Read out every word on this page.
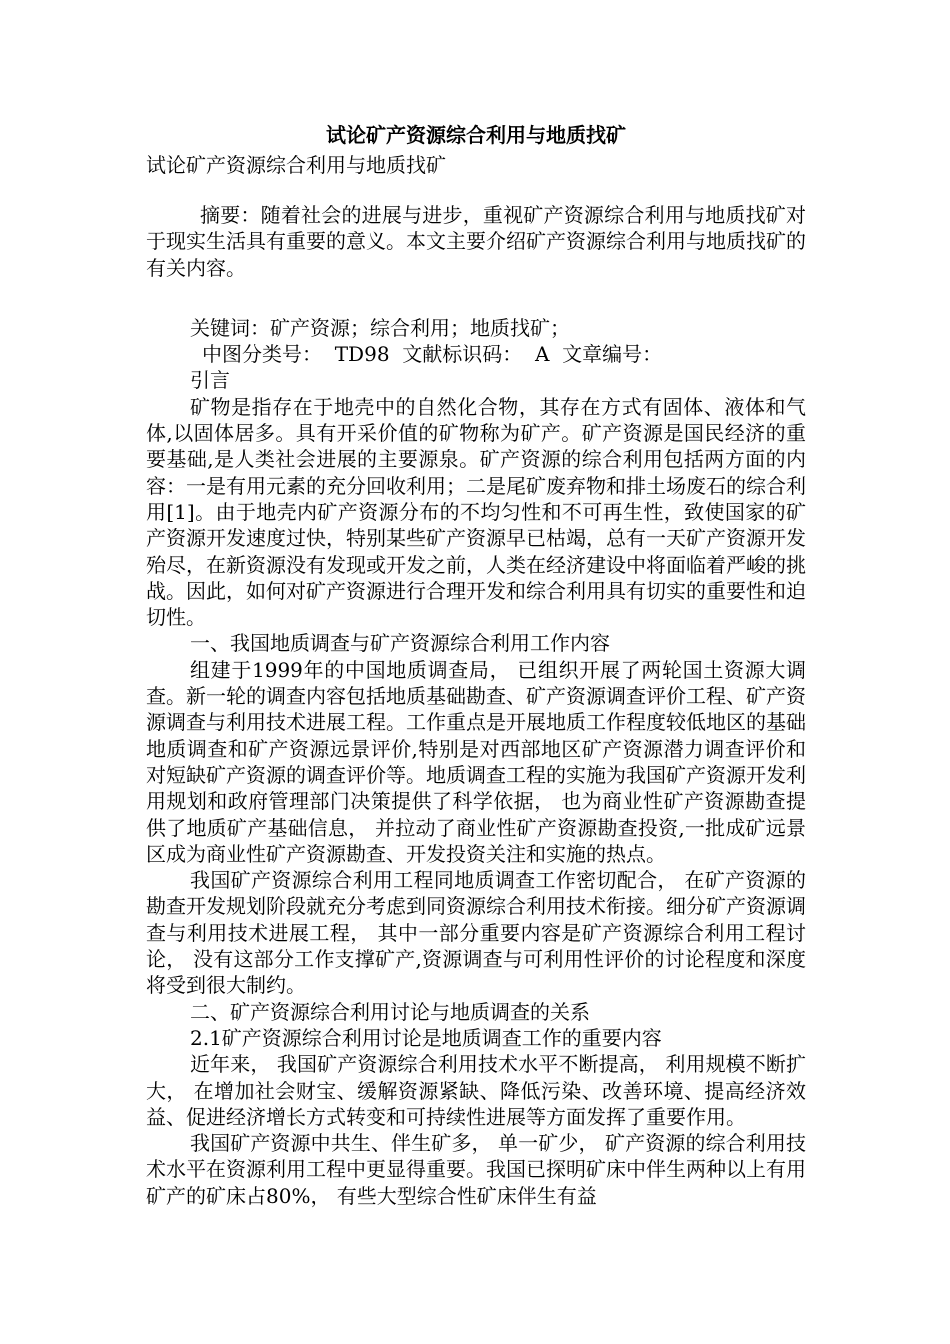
试论矿产资源综合利用与地质找矿
试论矿产资源综合利用与地质找矿

摘要：随着社会的进展与进步，重视矿产资源综合利用与地质找矿对于现实生活具有重要的意义。本文主要介绍矿产资源综合利用与地质找矿的有关内容。

关键词：矿产资源；综合利用；地质找矿；

中图分类号：  TD98  文献标识码：  A  文章编号：

引言

矿物是指存在于地壳中的自然化合物，其存在方式有固体、液体和气体,以固体居多。具有开采价值的矿物称为矿产。矿产资源是国民经济的重要基础,是人类社会进展的主要源泉。矿产资源的综合利用包括两方面的内容：一是有用元素的充分回收利用；二是尾矿废弃物和排土场废石的综合利用[1]。由于地壳内矿产资源分布的不均匀性和不可再生性，致使国家的矿产资源开发速度过快，特别某些矿产资源早已枯竭，总有一天矿产资源开发殆尽，在新资源没有发现或开发之前，人类在经济建设中将面临着严峻的挑战。因此，如何对矿产资源进行合理开发和综合利用具有切实的重要性和迫切性。

一、我国地质调查与矿产资源综合利用工作内容

组建于1999年的中国地质调查局， 已组织开展了两轮国土资源大调查。新一轮的调查内容包括地质基础勘查、矿产资源调查评价工程、矿产资源调查与利用技术进展工程。工作重点是开展地质工作程度较低地区的基础地质调查和矿产资源远景评价,特别是对西部地区矿产资源潜力调查评价和对短缺矿产资源的调查评价等。地质调查工程的实施为我国矿产资源开发利用规划和政府管理部门决策提供了科学依据， 也为商业性矿产资源勘查提供了地质矿产基础信息， 并拉动了商业性矿产资源勘查投资,一批成矿远景区成为商业性矿产资源勘查、开发投资关注和实施的热点。

我国矿产资源综合利用工程同地质调查工作密切配合， 在矿产资源的勘查开发规划阶段就充分考虑到同资源综合利用技术衔接。细分矿产资源调查与利用技术进展工程， 其中一部分重要内容是矿产资源综合利用工程讨论， 没有这部分工作支撑矿产,资源调查与可利用性评价的讨论程度和深度将受到很大制约。

二、矿产资源综合利用讨论与地质调查的关系

2.1矿产资源综合利用讨论是地质调查工作的重要内容

近年来， 我国矿产资源综合利用技术水平不断提高， 利用规模不断扩大， 在增加社会财宝、缓解资源紧缺、降低污染、改善环境、提高经济效益、促进经济增长方式转变和可持续性进展等方面发挥了重要作用。

我国矿产资源中共生、伴生矿多， 单一矿少， 矿产资源的综合利用技术水平在资源利用工程中更显得重要。我国已探明矿床中伴生两种以上有用矿产的矿床占80%， 有些大型综合性矿床伴生有益
